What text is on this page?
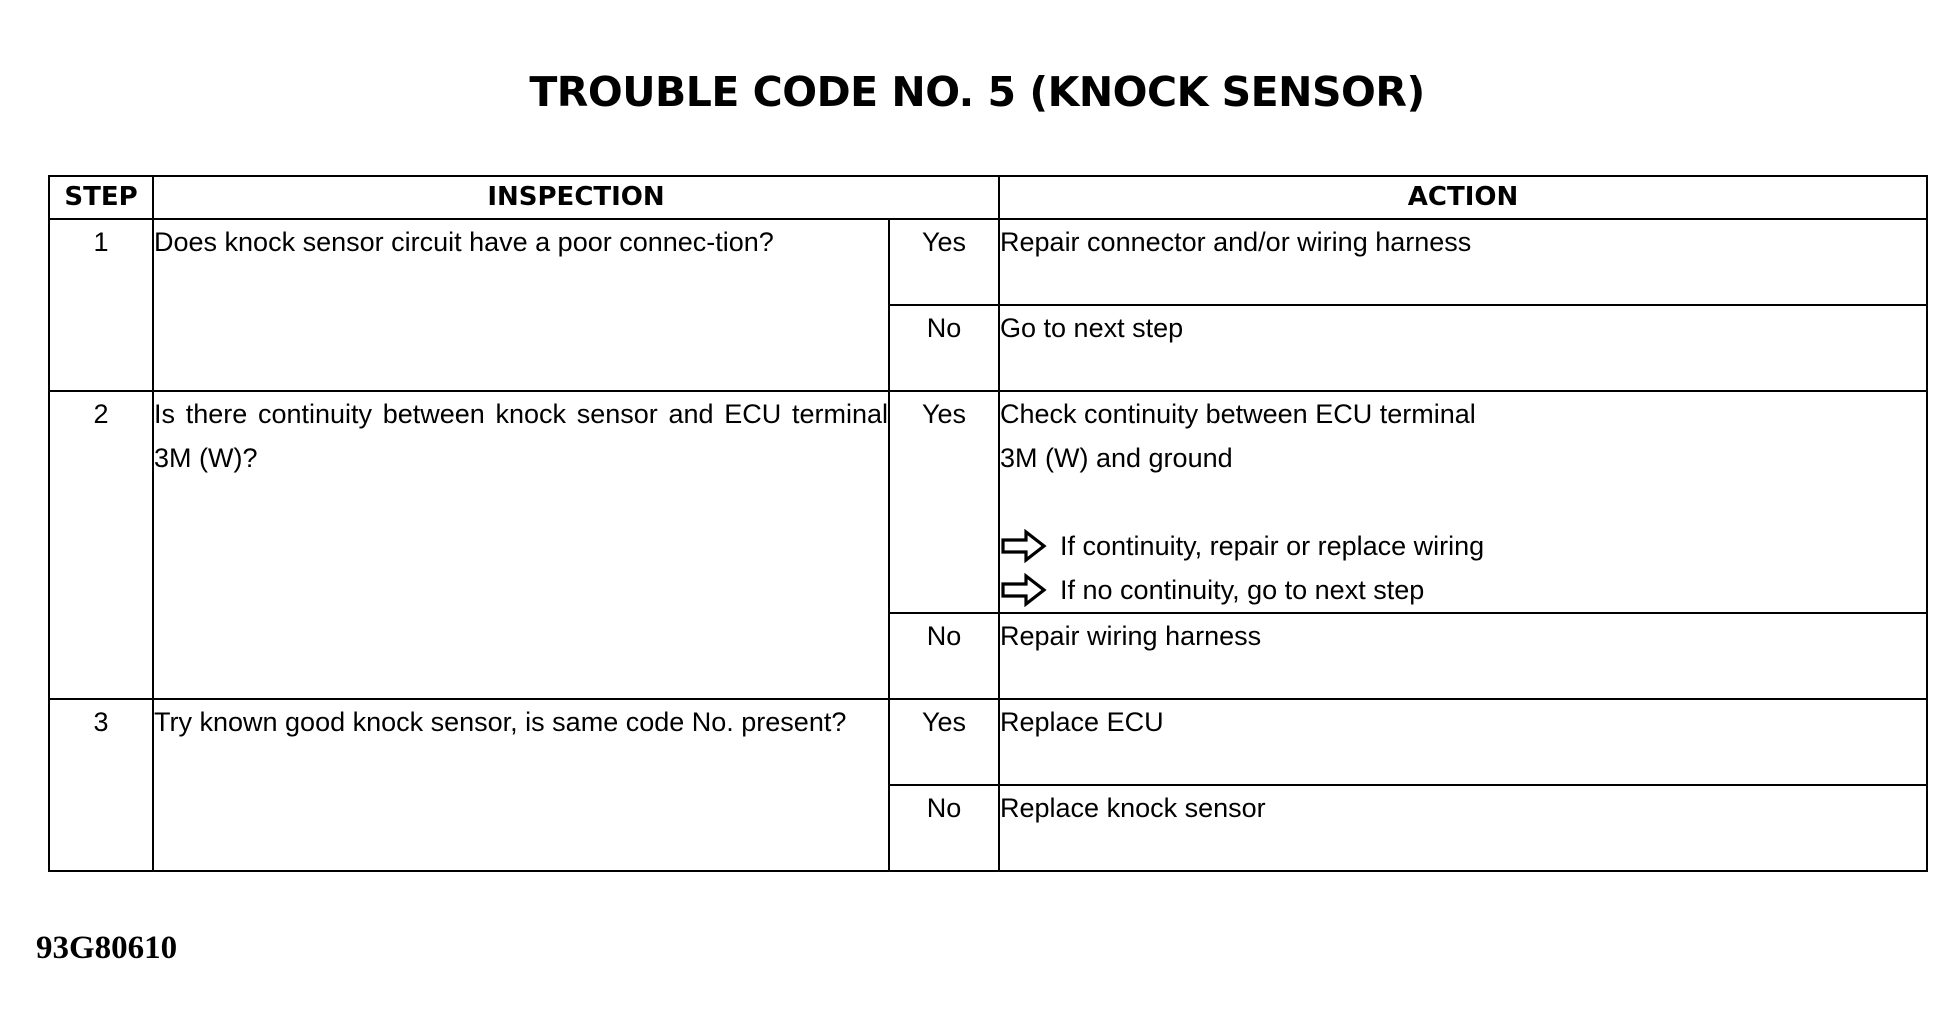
TROUBLE CODE NO. 5 (KNOCK SENSOR)
STEP	INSPECTION		ACTION
1	Does knock sensor circuit have a poor connec-tion?	Yes	Repair connector and/or wiring harness
		No	Go to next step
2	Is there continuity between knock sensor and ECU terminal 3M (W)?	Yes	Check continuity between ECU terminal
3M (W) and ground
If continuity, repair or replace wiring
If no continuity, go to next step

		No	Repair wiring harness
3	Try known good knock sensor, is same code No. present?	Yes	Replace ECU
		No	Replace knock sensor
93G80610
